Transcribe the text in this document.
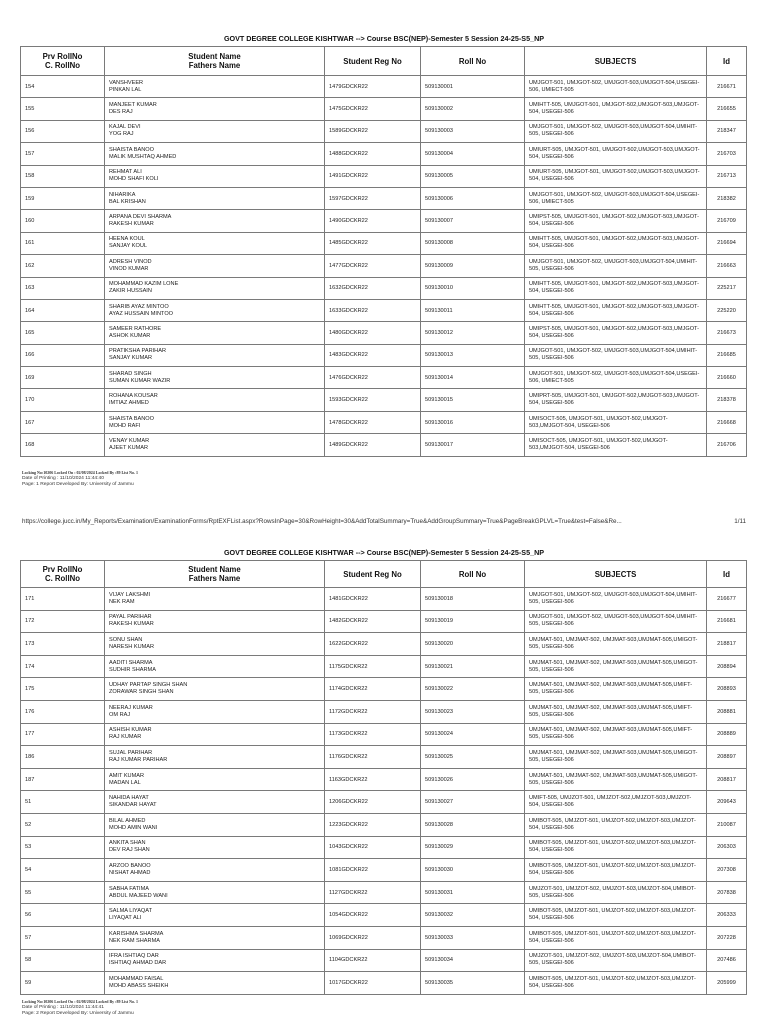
GOVT DEGREE COLLEGE KISHTWAR --> Course BSC(NEP)-Semester 5 Session 24-25-S5_NP
Prv RollNo
C. RollNo	Student Name
Fathers Name	Student Reg No	Roll No	SUBJECTS	Id
154	VANSHVEER
PINKAN LAL	1479GDCKR22	509130001	UMJGOT-501, UMJGOT-502, UMJGOT-503,UMJGOT-504,USEGEI-506, UMIECT-505	216671
155	MANJEET KUMAR
DES RAJ	1475GDCKR22	509130002	UMIHTT-505, UMJGOT-501, UMJGOT-502,UMJGOT-503,UMJGOT-504, USEGEI-506	216655
156	KAJAL DEVI
YOG RAJ	1589GDCKR22	509130003	UMJGOT-501, UMJGOT-502, UMJGOT-503,UMJGOT-504,UMIHIT-505, USEGEI-506	218347
157	SHAISTA BANOO
MALIK MUSHTAQ AHMED	1488GDCKR22	509130004	UMIURT-505, UMJGOT-501, UMJGOT-502,UMJGOT-503,UMJGOT-504, USEGEI-506	216703
158	REHMAT ALI
MOHD SHAFI KOLI	1491GDCKR22	509130005	UMIURT-505, UMJGOT-501, UMJGOT-502,UMJGOT-503,UMJGOT-504, USEGEI-506	216713
159	NIHARIKA
BAL KRISHAN	1597GDCKR22	509130006	UMJGOT-501, UMJGOT-502, UMJGOT-503,UMJGOT-504,USEGEI-506, UMIECT-505	218382
160	ARPANA DEVI SHARMA
RAKESH KUMAR	1490GDCKR22	509130007	UMIPST-505, UMJGOT-501, UMJGOT-502,UMJGOT-503,UMJGOT-504, USEGEI-506	216709
161	HEENA KOUL
SANJAY KOUL	1485GDCKR22	509130008	UMIHTT-505, UMJGOT-501, UMJGOT-502,UMJGOT-503,UMJGOT-504, USEGEI-506	216694
162	ADRESH VINOD
VINOD KUMAR	1477GDCKR22	509130009	UMJGOT-501, UMJGOT-502, UMJGOT-503,UMJGOT-504,UMIHIT-505, USEGEI-506	216663
163	MOHAMMAD KAZIM LONE
ZAKIR HUSSAIN	1632GDCKR22	509130010	UMIHTT-505, UMJGOT-501, UMJGOT-502,UMJGOT-503,UMJGOT-504, USEGEI-506	225217
164	SHARIB AYAZ MINTOO
AYAZ HUSSAIN MINTOO	1633GDCKR22	509130011	UMIHTT-505, UMJGOT-501, UMJGOT-502,UMJGOT-503,UMJGOT-504, USEGEI-506	225220
165	SAMEER RATHORE
ASHOK KUMAR	1480GDCKR22	509130012	UMIPST-505, UMJGOT-501, UMJGOT-502,UMJGOT-503,UMJGOT-504, USEGEI-506	216673
166	PRATIKSHA PARIHAR
SANJAY KUMAR	1483GDCKR22	509130013	UMJGOT-501, UMJGOT-502, UMJGOT-503,UMJGOT-504,UMIHIT-505, USEGEI-506	216685
169	SHARAD SINGH
SUMAN KUMAR WAZIR	1476GDCKR22	509130014	UMJGOT-501, UMJGOT-502, UMJGOT-503,UMJGOT-504,USEGEI-506, UMIECT-505	216660
170	ROHANA KOUSAR
IMTIAZ AHMED	1593GDCKR22	509130015	UMIPRT-505, UMJGOT-501, UMJGOT-502,UMJGOT-503,UMJGOT-504, USEGEI-506	218378
167	SHAISTA BANOO
MOHD RAFI	1478GDCKR22	509130016	UMISOCT-505, UMJGOT-501, UMJGOT-502,UMJGOT-503,UMJGOT-504, USEGEI-506	216668
168	VENAY KUMAR
AJEET KUMAR	1489GDCKR22	509130017	UMISOCT-505, UMJGOT-501, UMJGOT-502,UMJGOT-503,UMJGOT-504, USEGEI-506	216706
Locking No:10206 Locked On : 02/08/2024 Locked By :89 List No. 1
Date of Printing : 11/10/2024 11:44:40
Page: 1 Report Developed By: University of Jammu
https://college.jucc.in/My_Reports/Examination/ExaminationForms/RptEXFList.aspx?RowsInPage=30&RowHeight=30&AddTotalSummary=True&AddGroupSummary=True&PageBreakGPLVL=True&test=False&Re...	1/11
GOVT DEGREE COLLEGE KISHTWAR --> Course BSC(NEP)-Semester 5 Session 24-25-S5_NP
Prv RollNo
C. RollNo	Student Name
Fathers Name	Student Reg No	Roll No	SUBJECTS	Id
171	VIJAY LAKSHMI
NEK RAM	1481GDCKR22	509130018	UMJGOT-501, UMJGOT-502, UMJGOT-503,UMJGOT-504,UMIHIT-505, USEGEI-506	216677
172	PAYAL PARIHAR
RAKESH KUMAR	1482GDCKR22	509130019	UMJGOT-501, UMJGOT-502, UMJGOT-503,UMJGOT-504,UMIHIT-505, USEGEI-506	216681
173	SONU SHAN
NARESH KUMAR	1622GDCKR22	509130020	UMJMAT-501, UMJMAT-502, UMJMAT-503,UMJMAT-505,UMIGOT-505, USEGEI-506	218817
174	AADITI SHARMA
SUDHIR SHARMA	1175GDCKR22	509130021	UMJMAT-501, UMJMAT-502, UMJMAT-503,UMJMAT-505,UMIGOT-505, USEGEI-506	208894
175	UDHAY PARTAP SINGH SHAN
ZORAWAR SINGH SHAN	1174GDCKR22	509130022	UMJMAT-501, UMJMAT-502, UMJMAT-503,UMJMAT-505,UMIFT-505, USEGEI-506	208893
176	NEERAJ KUMAR
OM RAJ	1172GDCKR22	509130023	UMJMAT-501, UMJMAT-502, UMJMAT-503,UMJMAT-505,UMIFT-505, USEGEI-506	208881
177	ASHISH KUMAR
RAJ KUMAR	1173GDCKR22	509130024	UMJMAT-501, UMJMAT-502, UMJMAT-503,UMJMAT-505,UMIFT-505, USEGEI-506	208889
186	SUJAL PARIHAR
RAJ KUMAR PARIHAR	1176GDCKR22	509130025	UMJMAT-501, UMJMAT-502, UMJMAT-503,UMJMAT-505,UMIGOT-505, USEGEI-506	208897
187	AMIT KUMAR
MADAN LAL	1163GDCKR22	509130026	UMJMAT-501, UMJMAT-502, UMJMAT-503,UMJMAT-505,UMIGOT-505, USEGEI-506	208817
51	NAHIDA HAYAT
SIKANDAR HAYAT	1206GDCKR22	509130027	UMIFT-505, UMJZOT-501, UMJZOT-502,UMJZOT-503,UMJZOT-504, USEGEI-506	209643
52	BILAL AHMED
MOHD AMIN WANI	1223GDCKR22	509130028	UMIBOT-505, UMJZOT-501, UMJZOT-502,UMJZOT-503,UMJZOT-504, USEGEI-506	210087
53	ANKITA SHAN
DEV RAJ SHAN	1043GDCKR22	509130029	UMIBOT-505, UMJZOT-501, UMJZOT-502,UMJZOT-503,UMJZOT-504, USEGEI-506	206303
54	ARZOO BANOO
NISHAT AHMAD	1081GDCKR22	509130030	UMIBOT-505, UMJZOT-501, UMJZOT-502,UMJZOT-503,UMJZOT-504, USEGEI-506	207308
55	SABHA FATIMA
ABDUL MAJEED WANI	1127GDCKR22	509130031	UMJZOT-501, UMJZOT-502, UMJZOT-503,UMJZOT-504,UMIBOT-505, USEGEI-506	207838
56	SALMA LIYAQAT
LIYAQAT ALI	1054GDCKR22	509130032	UMIBOT-505, UMJZOT-501, UMJZOT-502,UMJZOT-503,UMJZOT-504, USEGEI-506	206333
57	KARISHMA SHARMA
NEK RAM SHARMA	1069GDCKR22	509130033	UMIBOT-505, UMJZOT-501, UMJZOT-502,UMJZOT-503,UMJZOT-504, USEGEI-506	207228
58	IFRA ISHTIAQ DAR
ISHTIAQ AHMAD DAR	1104GDCKR22	509130034	UMJZOT-501, UMJZOT-502, UMJZOT-503,UMJZOT-504,UMIBOT-505, USEGEI-506	207486
59	MOHAMMAD FAISAL
MOHD ABASS SHEIKH	1017GDCKR22	509130035	UMIBOT-505, UMJZOT-501, UMJZOT-502,UMJZOT-503,UMJZOT-504, USEGEI-506	205999
Locking No:10206 Locked On : 02/08/2024 Locked By :89 List No. 1
Date of Printing : 11/10/2024 11:44:41
Page: 2 Report Developed By: University of Jammu
